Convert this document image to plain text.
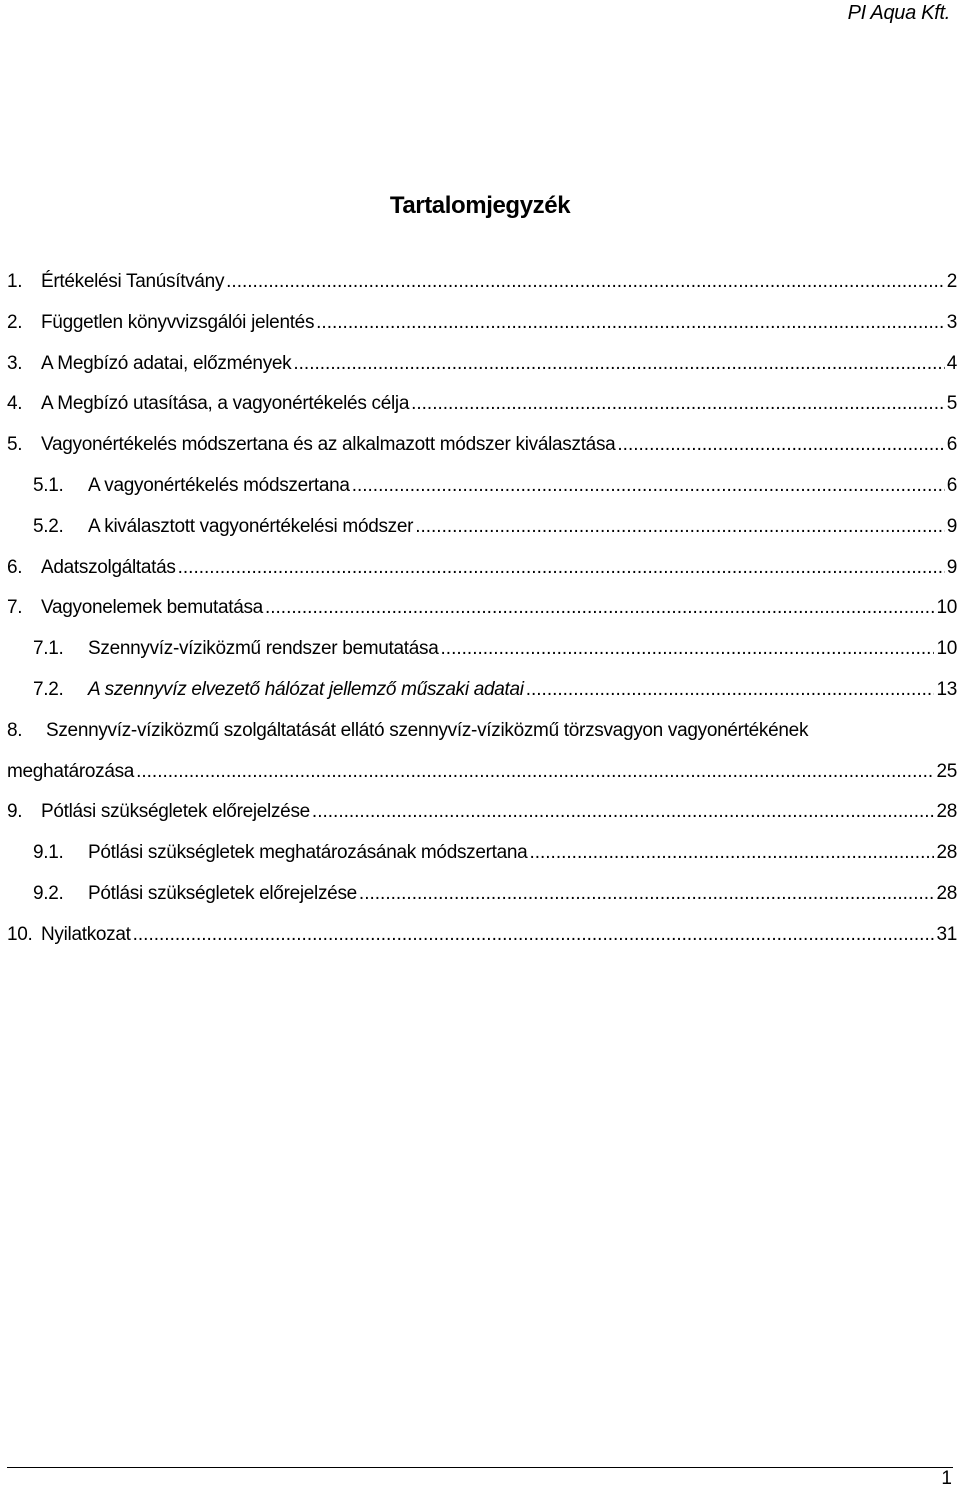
PI Aqua Kft.
Tartalomjegyzék
1. Értékelési Tanúsítvány .....	2
2. Független könyvvizsgálói jelentés .....	3
3. A Megbízó adatai, előzmények .....	4
4. A Megbízó utasítása, a vagyonértékelés célja .....	5
5. Vagyonértékelés módszertana és az alkalmazott módszer kiválasztása .....	6
5.1.	A vagyonértékelés módszertana .....	6
5.2.	A kiválasztott vagyonértékelési módszer .....	9
6. Adatszolgáltatás .....	9
7. Vagyonelemek bemutatása .....	10
7.1.	Szennyvíz-víziközmű rendszer bemutatása .....	10
7.2.	A szennyvíz elvezető hálózat jellemző műszaki adatai .....	13
8. Szennyvíz-víziközmű szolgáltatását ellátó szennyvíz-víziközmű törzsvagyon vagyonértékének
meghatározása .....	25
9. Pótlási szükségletek előrejelzése .....	28
9.1.	Pótlási szükségletek meghatározásának módszertana .....	28
9.2.	Pótlási szükségletek előrejelzése .....	28
10. Nyilatkozat .....	31
1
